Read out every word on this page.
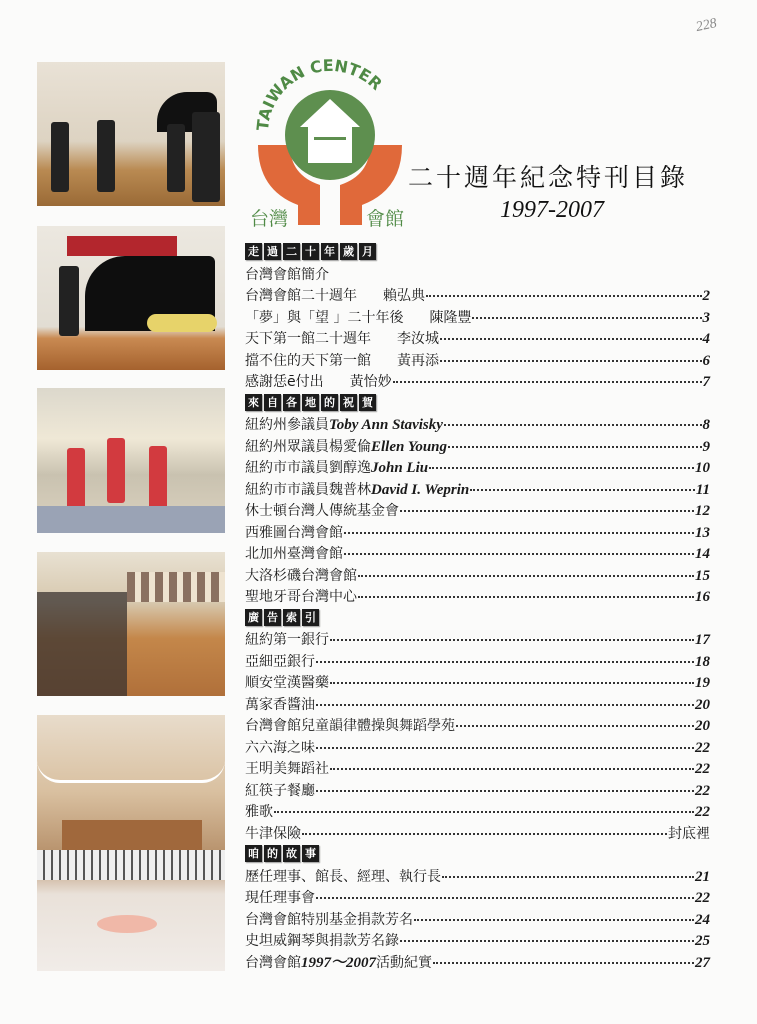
228
TAIWAN CENTER
台灣	會館
二十週年紀念特刊目錄
1997-2007
走 過 二 十 年 歲 月
台灣會館簡介
台灣會館二十週年 賴弘典	2
「夢」與「望 」二十年後 陳隆豐	3
天下第一館二十週年 李汝城	4
擋不住的天下第一館 黃再添	6
感謝恁ē付出 黃怡妙	7
來 自 各 地 的 祝 賀
紐約州參議員Toby Ann Stavisky	8
紐約州眾議員楊愛倫Ellen Young	9
紐約市市議員劉醇逸John Liu	10
紐約市市議員魏普林David I. Weprin	11
休士頓台灣人傳統基金會	12
西雅圖台灣會館	13
北加州臺灣會館	14
大洛杉磯台灣會館	15
聖地牙哥台灣中心	16
廣 告 索 引
紐約第一銀行	17
亞細亞銀行	18
順安堂漢醫藥	19
萬家香醬油	20
台灣會館兒童韻律體操與舞蹈學苑	20
六六海之味	22
王明美舞蹈社	22
紅筷子餐廳	22
雅歌	22
牛津保險	封底裡
咱 的 故 事
歷任理事、館長、經理、執行長	21
現任理事會	22
台灣會館特別基金捐款芳名	24
史坦威鋼琴與捐款芳名錄	25
台灣會館1997～2007活動紀實	27
